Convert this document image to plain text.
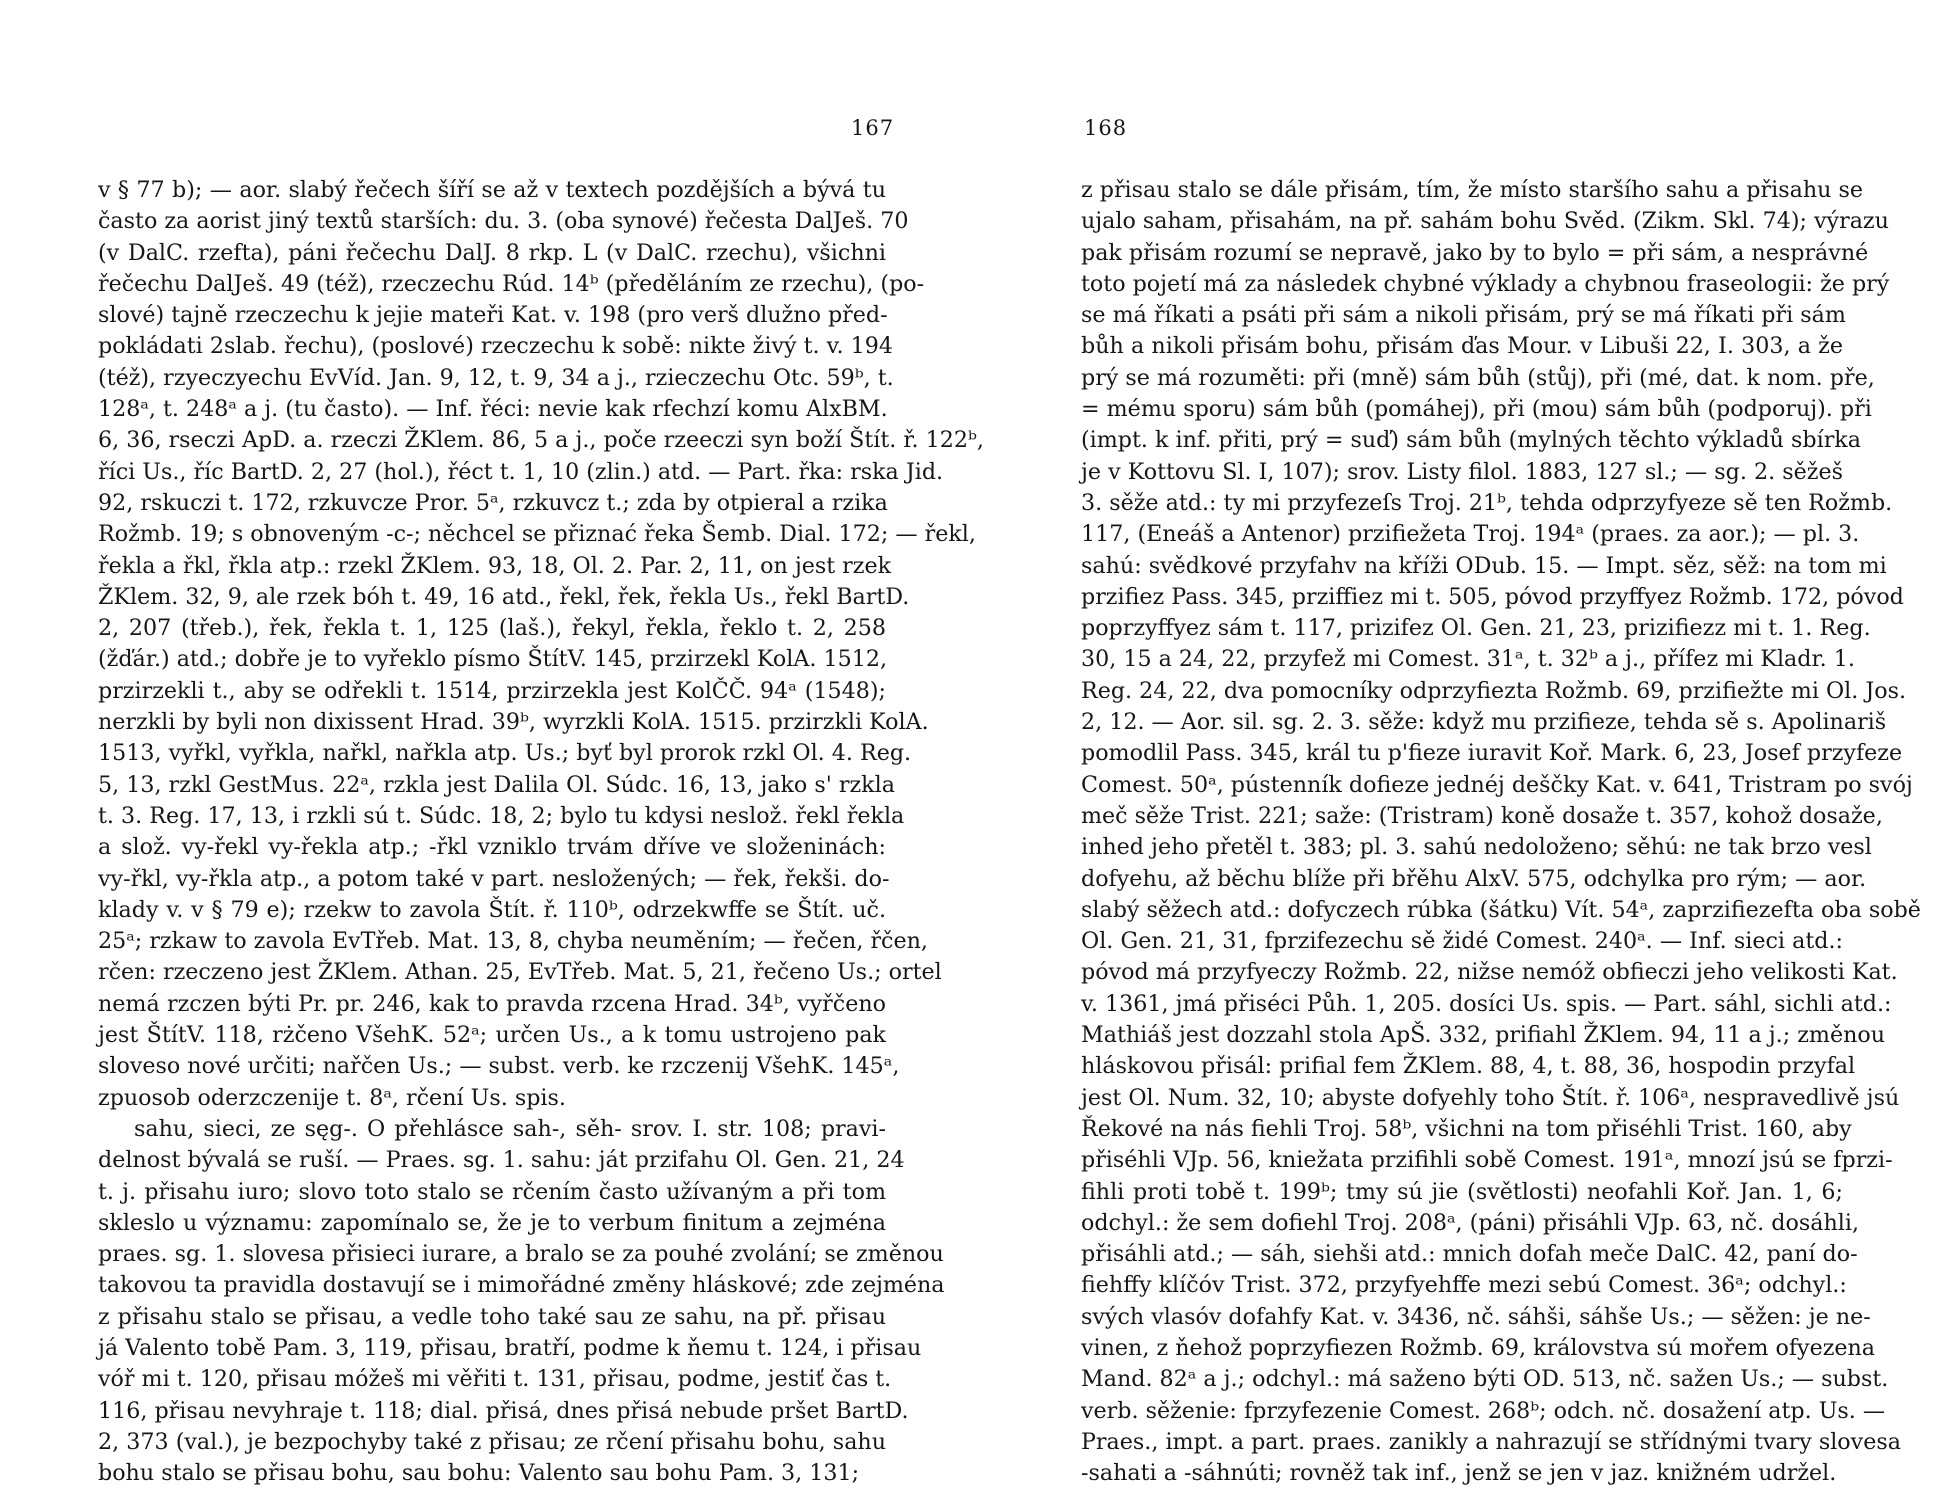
167
v § 77 b); — aor. slabý řečech šíří se až v textech pozdějších a bývá tu
často za aorist jiný textů starších: du. 3. (oba synové) řečesta DalJeš. 70
(v DalC. rzefta), páni řečechu DalJ. 8 rkp. L (v DalC. rzechu), všichni
řečechu DalJeš. 49 (též), rzeczechu Rúd. 14ᵇ (předěláním ze rzechu), (po-
slové) tajně rzeczechu k jejie mateři Kat. v. 198 (pro verš dlužno před-
pokládati 2slab. řechu), (poslové) rzeczechu k sobě: nikte živý t. v. 194
(též), rzyeczyechu EvVíd. Jan. 9, 12, t. 9, 34 a j., rzieczechu Otc. 59ᵇ, t.
128ᵃ, t. 248ᵃ a j. (tu často). — Inf. řéci: nevie kak rfechzí komu AlxBM.
6, 36, rseczi ApD. a. rzeczi ŽKlem. 86, 5 a j., poče rzeeczi syn boží Štít. ř. 122ᵇ,
říci Us., říc BartD. 2, 27 (hol.), řéct t. 1, 10 (zlin.) atd. — Part. řka: rska Jid.
92, rskuczi t. 172, rzkuvcze Pror. 5ᵃ, rzkuvcz t.; zda by otpieral a rzika
Rožmb. 19; s obnoveným -c-; něchcel se přiznać řeka Šemb. Dial. 172; — řekl,
řekla a řkl, řkla atp.: rzekl ŽKlem. 93, 18, Ol. 2. Par. 2, 11, on jest rzek
ŽKlem. 32, 9, ale rzek bóh t. 49, 16 atd., řekl, řek, řekla Us., řekl BartD.
2, 207 (třeb.), řek, řekla t. 1, 125 (laš.), řekyl, řekla, řeklo t. 2, 258
(žďár.) atd.; dobře je to vyřeklo písmo ŠtítV. 145, przirzekl KolA. 1512,
przirzekli t., aby se odřekli t. 1514, przirzekla jest KolČČ. 94ᵃ (1548);
nerzkli by byli non dixissent Hrad. 39ᵇ, wyrzkli KolA. 1515. przirzkli KolA.
1513, vyřkl, vyřkla, nařkl, nařkla atp. Us.; byť byl prorok rzkl Ol. 4. Reg.
5, 13, rzkl GestMus. 22ᵃ, rzkla jest Dalila Ol. Súdc. 16, 13, jako s' rzkla
t. 3. Reg. 17, 13, i rzkli sú t. Súdc. 18, 2; bylo tu kdysi neslož. řekl řekla
a slož. vy-řekl vy-řekla atp.; -řkl vzniklo trvám dříve ve složeninách:
vy-řkl, vy-řkla atp., a potom také v part. nesložených; — řek, řekši. do-
klady v. v § 79 e); rzekw to zavola Štít. ř. 110ᵇ, odrzekwffe se Štít. uč.
25ᵃ; rzkaw to zavola EvTřeb. Mat. 13, 8, chyba neuměním; — řečen, řčen,
rčen: rzeczeno jest ŽKlem. Athan. 25, EvTřeb. Mat. 5, 21, řečeno Us.; ortel
nemá rzczen býti Pr. pr. 246, kak to pravda rzcena Hrad. 34ᵇ, vyřčeno
jest ŠtítV. 118, rżčeno VšehK. 52ᵃ; určen Us., a k tomu ustrojeno pak
sloveso nové určiti; nařčen Us.; — subst. verb. ke rzczenij VšehK. 145ᵃ,
zpuosob oderzczenije t. 8ᵃ, rčení Us. spis.
sahu, sieci, ze sęg-. O přehlásce sah-, sěh- srov. I. str. 108; pravi-
delnost bývalá se ruší. — Praes. sg. 1. sahu: ját przifahu Ol. Gen. 21, 24
t. j. přisahu iuro; slovo toto stalo se rčením často užívaným a při tom
skleslo u významu: zapomínalo se, že je to verbum finitum a zejména
praes. sg. 1. slovesa přisieci iurare, a bralo se za pouhé zvolání; se změnou
takovou ta pravidla dostavují se i mimořádné změny hláskové; zde zejména
z přisahu stalo se přisau, a vedle toho také sau ze sahu, na př. přisau
já Valento tobě Pam. 3, 119, přisau, bratří, podme k ňemu t. 124, i přisau
vóř mi t. 120, přisau móžeš mi věřiti t. 131, přisau, podme, jestiť čas t.
116, přisau nevyhraje t. 118; dial. přisá, dnes přisá nebude pršet BartD.
2, 373 (val.), je bezpochyby také z přisau; ze rčení přisahu bohu, sahu
bohu stalo se přisau bohu, sau bohu: Valento sau bohu Pam. 3, 131;
168
z přisau stalo se dále přisám, tím, že místo staršího sahu a přisahu se
ujalo saham, přisahám, na př. sahám bohu Svěd. (Zikm. Skl. 74); výrazu
pak přisám rozumí se nepravě, jako by to bylo = při sám, a nesprávné
toto pojetí má za následek chybné výklady a chybnou fraseologii: že prý
se má říkati a psáti při sám a nikoli přisám, prý se má říkati při sám
bůh a nikoli přisám bohu, přisám ďas Mour. v Libuši 22, I. 303, a že
prý se má rozuměti: při (mně) sám bůh (stůj), při (mé, dat. k nom. pře,
= mému sporu) sám bůh (pomáhej), při (mou) sám bůh (podporuj). při
(impt. k inf. přiti, prý = suď) sám bůh (mylných těchto výkladů sbírka
je v Kottovu Sl. I, 107); srov. Listy filol. 1883, 127 sl.; — sg. 2. sěžeš
3. sěže atd.: ty mi przyfezeſs Troj. 21ᵇ, tehda odprzyfyeze sě ten Rožmb.
117, (Eneáš a Antenor) przifiežeta Troj. 194ᵃ (praes. za aor.); — pl. 3.
sahú: svědkové przyfahv na kříži ODub. 15. — Impt. sěz, sěž: na tom mi
przifiez Pass. 345, prziffiez mi t. 505, póvod przyffyez Rožmb. 172, póvod
poprzyffyez sám t. 117, prizifez Ol. Gen. 21, 23, prizifiezz mi t. 1. Reg.
30, 15 a 24, 22, przyfež mi Comest. 31ᵃ, t. 32ᵇ a j., přífez mi Kladr. 1.
Reg. 24, 22, dva pomocníky odprzyfiezta Rožmb. 69, przifiežte mi Ol. Jos.
2, 12. — Aor. sil. sg. 2. 3. sěže: když mu przifieze, tehda sě s. Apolinariš
pomodlil Pass. 345, král tu p'fieze iuravit Koř. Mark. 6, 23, Josef przyfeze
Comest. 50ᵃ, pústenník dofieze jednéj deščky Kat. v. 641, Tristram po svój
meč sěže Trist. 221; saže: (Tristram) koně dosaže t. 357, kohož dosaže,
inhed jeho přetěl t. 383; pl. 3. sahú nedoloženo; sěhú: ne tak brzo vesl
dofyehu, až běchu blíže při břěhu AlxV. 575, odchylka pro rým; — aor.
slabý sěžech atd.: dofyczech rúbka (šátku) Vít. 54ᵃ, zaprzifiezefta oba sobě
Ol. Gen. 21, 31, fprzifezechu sě židé Comest. 240ᵃ. — Inf. sieci atd.:
póvod má przyfyeczy Rožmb. 22, nižse nemóž obfieczi jeho velikosti Kat.
v. 1361, jmá přiséci Půh. 1, 205. dosíci Us. spis. — Part. sáhl, sichli atd.:
Mathiáš jest dozzahl stola ApŠ. 332, prifiahl ŽKlem. 94, 11 a j.; změnou
hláskovou přisál: prifial fem ŽKlem. 88, 4, t. 88, 36, hospodin przyfal
jest Ol. Num. 32, 10; abyste dofyehly toho Štít. ř. 106ᵃ, nespravedlivě jsú
Řekové na nás fiehli Troj. 58ᵇ, všichni na tom přiséhli Trist. 160, aby
přiséhli VJp. 56, kniežata przifihli sobě Comest. 191ᵃ, mnozí jsú se fprzi-
fihli proti tobě t. 199ᵇ; tmy sú jie (světlosti) neofahli Koř. Jan. 1, 6;
odchyl.: že sem dofiehl Troj. 208ᵃ, (páni) přisáhli VJp. 63, nč. dosáhli,
přisáhli atd.; — sáh, siehši atd.: mnich dofah meče DalC. 42, paní do-
fiehffy klíčóv Trist. 372, przyfyehffe mezi sebú Comest. 36ᵃ; odchyl.:
svých vlasóv dofahfy Kat. v. 3436, nč. sáhši, sáhše Us.; — sěžen: je ne-
vinen, z ňehož poprzyfiezen Rožmb. 69, královstva sú mořem ofyezena
Mand. 82ᵃ a j.; odchyl.: má saženo býti OD. 513, nč. sažen Us.; — subst.
verb. sěženie: fprzyfezenie Comest. 268ᵇ; odch. nč. dosažení atp. Us. —
Praes., impt. a part. praes. zanikly a nahrazují se střídnými tvary slovesa
-sahati a -sáhnúti; rovněž tak inf., jenž se jen v jaz. knižném udržel.
